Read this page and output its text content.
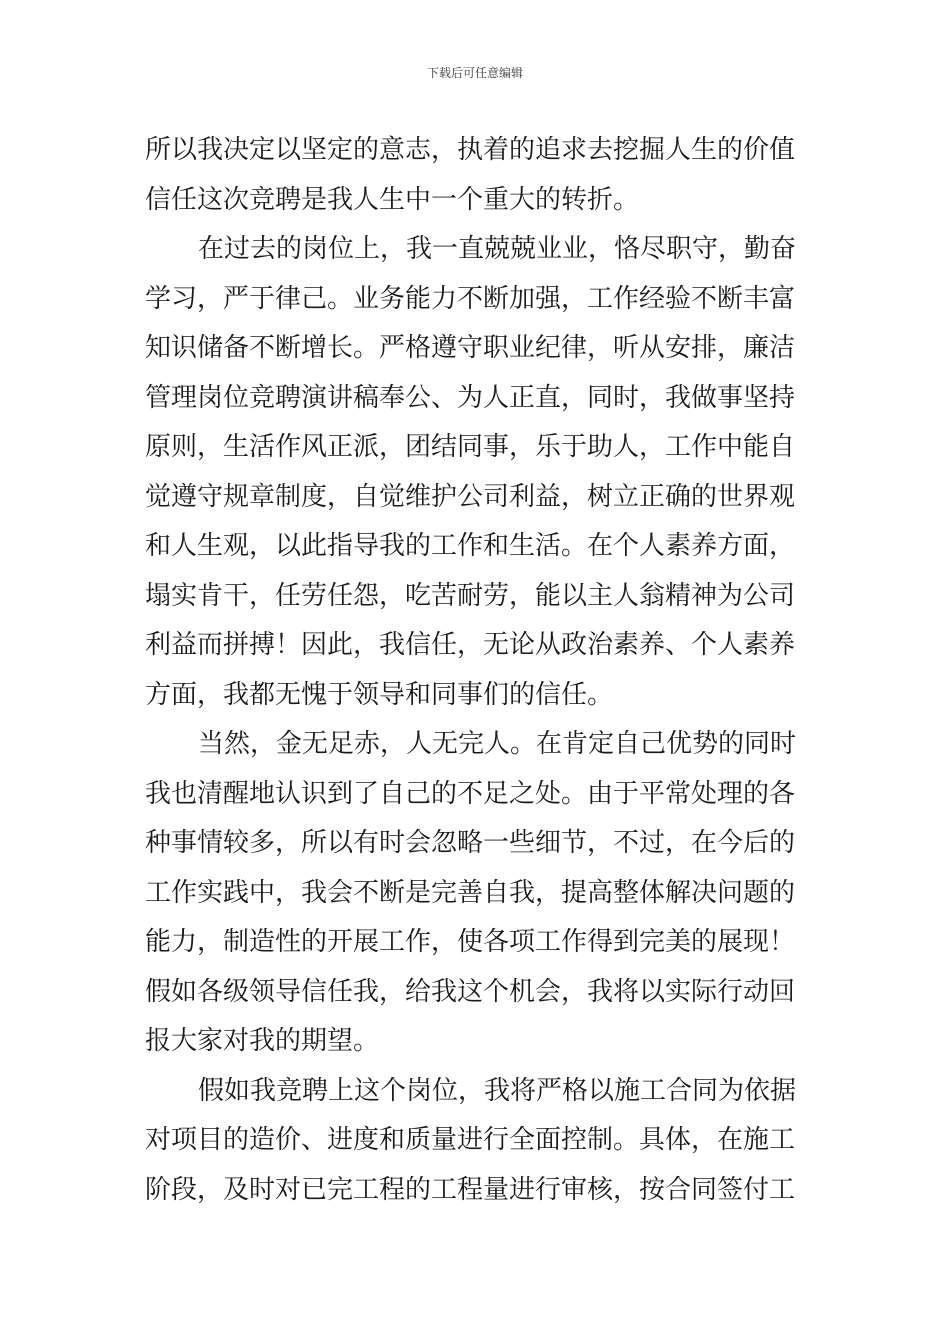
下载后可任意编辑
所以我决定以坚定的意志，执着的追求去挖掘人生的价值
信任这次竞聘是我人生中一个重大的转折。
在过去的岗位上，我一直兢兢业业，恪尽职守，勤奋
学习，严于律己。业务能力不断加强，工作经验不断丰富
知识储备不断增长。严格遵守职业纪律，听从安排，廉洁
管理岗位竞聘演讲稿奉公、为人正直，同时，我做事坚持
原则，生活作风正派，团结同事，乐于助人，工作中能自
觉遵守规章制度，自觉维护公司利益，树立正确的世界观
和人生观，以此指导我的工作和生活。在个人素养方面，
塌实肯干，任劳任怨，吃苦耐劳，能以主人翁精神为公司
利益而拼搏！因此，我信任，无论从政治素养、个人素养
方面，我都无愧于领导和同事们的信任。
当然，金无足赤，人无完人。在肯定自己优势的同时
我也清醒地认识到了自己的不足之处。由于平常处理的各
种事情较多，所以有时会忽略一些细节，不过，在今后的
工作实践中，我会不断是完善自我，提高整体解决问题的
能力，制造性的开展工作，使各项工作得到完美的展现！
假如各级领导信任我，给我这个机会，我将以实际行动回
报大家对我的期望。
假如我竞聘上这个岗位，我将严格以施工合同为依据
对项目的造价、进度和质量进行全面控制。具体，在施工
阶段，及时对已完工程的工程量进行审核，按合同签付工
